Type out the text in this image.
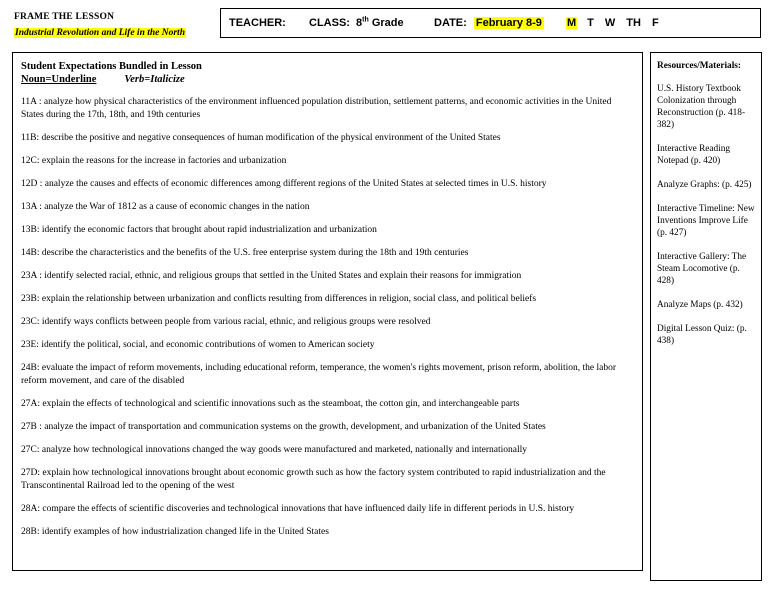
FRAME THE LESSON
Industrial Revolution and Life in the North
TEACHER: CLASS: 8th Grade	DATE: February 8-9 M T W TH F
Student Expectations Bundled in Lesson
Noun=Underline	Verb=Italicize

11A : analyze how physical characteristics of the environment influenced population distribution, settlement patterns, and economic activities in the United States during the 17th, 18th, and 19th centuries

11B: describe the positive and negative consequences of human modification of the physical environment of the United States

12C: explain the reasons for the increase in factories and urbanization

12D : analyze the causes and effects of economic differences among different regions of the United States at selected times in U.S. history

13A : analyze the War of 1812 as a cause of economic changes in the nation

13B: identify the economic factors that brought about rapid industrialization and urbanization

14B: describe the characteristics and the benefits of the U.S. free enterprise system during the 18th and 19th centuries

23A : identify selected racial, ethnic, and religious groups that settled in the United States and explain their reasons for immigration

23B: explain the relationship between urbanization and conflicts resulting from differences in religion, social class, and political beliefs

23C: identify ways conflicts between people from various racial, ethnic, and religious groups were resolved

23E: identify the political, social, and economic contributions of women to American society

24B: evaluate the impact of reform movements, including educational reform, temperance, the women's rights movement, prison reform, abolition, the labor reform movement, and care of the disabled

27A: explain the effects of technological and scientific innovations such as the steamboat, the cotton gin, and interchangeable parts

27B : analyze the impact of transportation and communication systems on the growth, development, and urbanization of the United States

27C: analyze how technological innovations changed the way goods were manufactured and marketed, nationally and internationally

27D: explain how technological innovations brought about economic growth such as how the factory system contributed to rapid industrialization and the Transcontinental Railroad led to the opening of the west

28A: compare the effects of scientific discoveries and technological innovations that have influenced daily life in different periods in U.S. history

28B: identify examples of how industrialization changed life in the United States

Resources/Materials:

U.S. History Textbook Colonization through Reconstruction (p. 418-382)

Interactive Reading Notepad (p. 420)

Analyze Graphs: (p. 425)

Interactive Timeline: New Inventions Improve Life (p. 427)

Interactive Gallery: The Steam Locomotive (p. 428)

Analyze Maps (p. 432)

Digital Lesson Quiz: (p. 438)
